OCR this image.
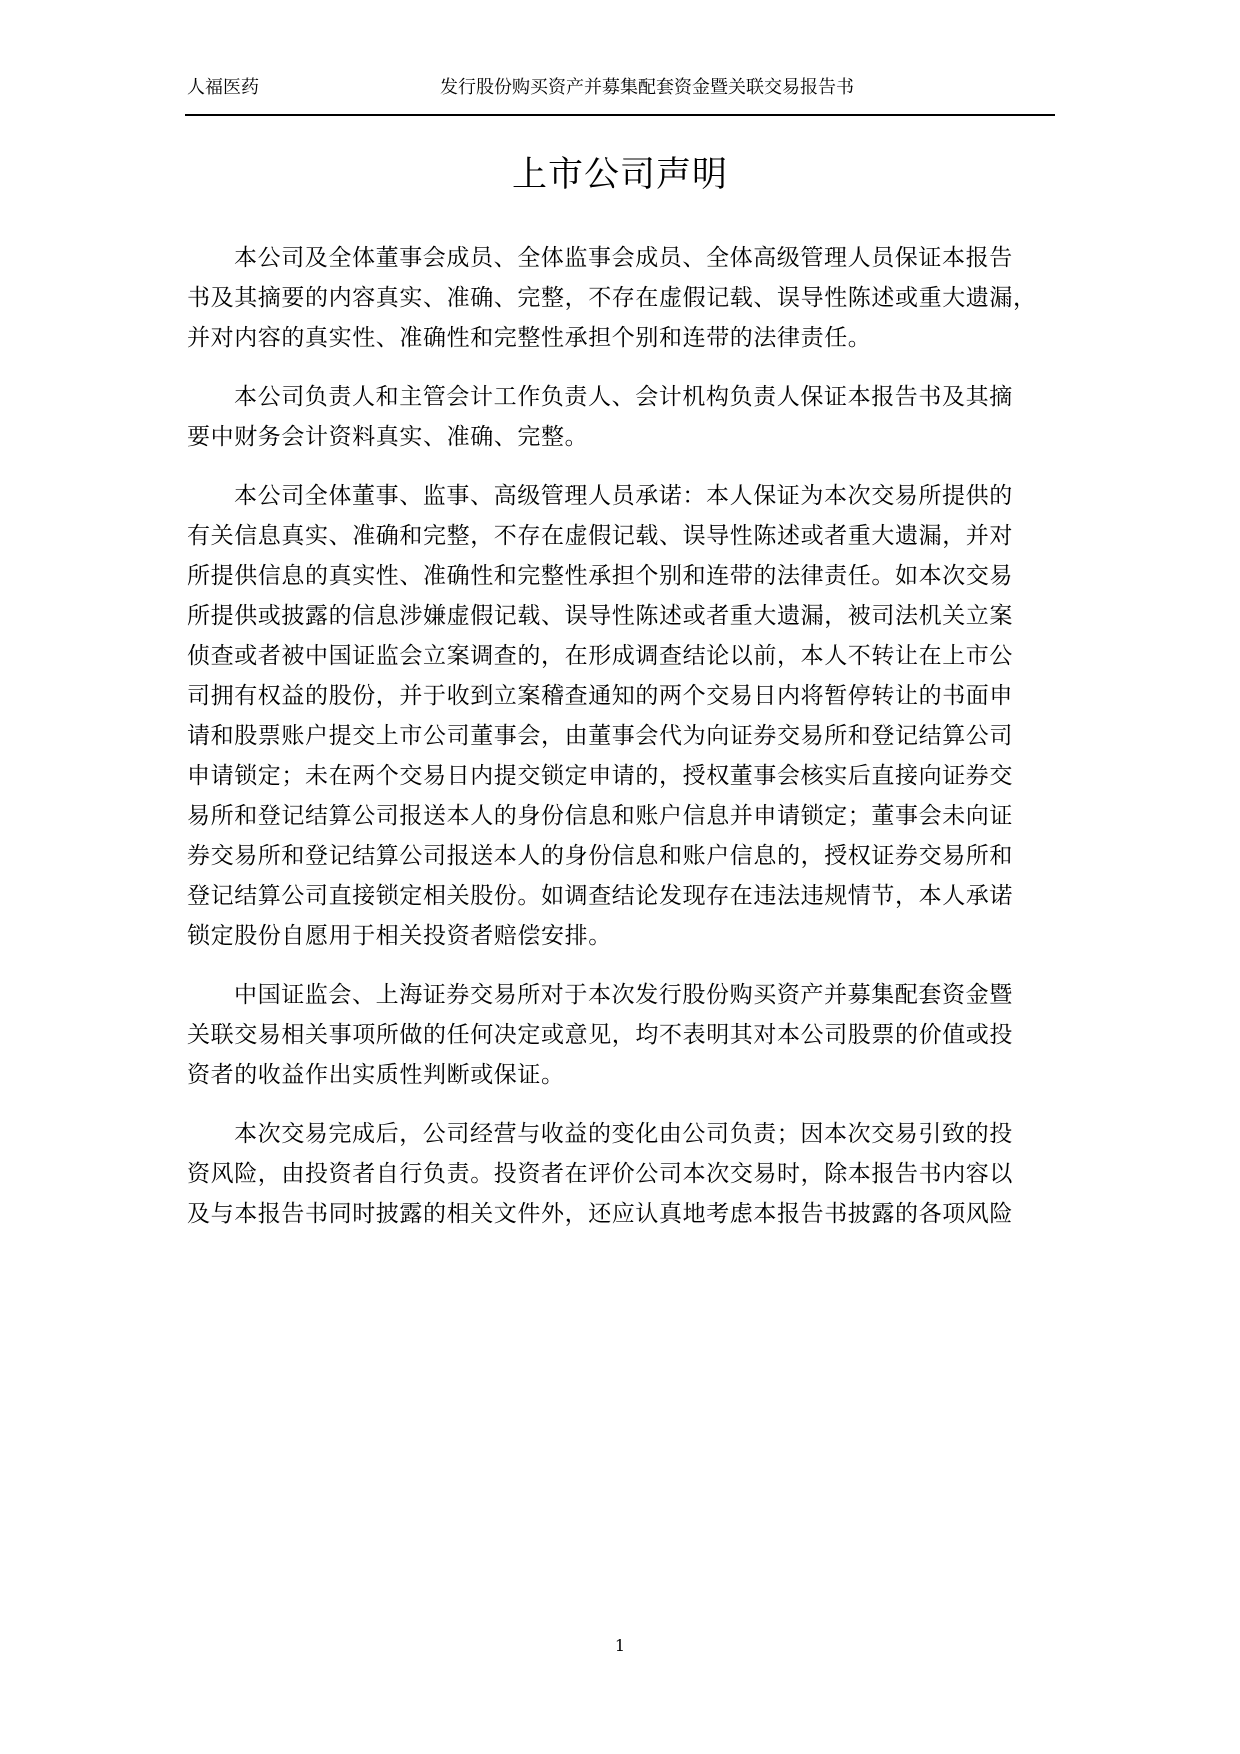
人福医药	发行股份购买资产并募集配套资金暨关联交易报告书
上市公司声明
本公司及全体董事会成员、全体监事会成员、全体高级管理人员保证本报告
书及其摘要的内容真实、准确、完整，不存在虚假记载、误导性陈述或重大遗漏，
并对内容的真实性、准确性和完整性承担个别和连带的法律责任。
本公司负责人和主管会计工作负责人、会计机构负责人保证本报告书及其摘
要中财务会计资料真实、准确、完整。
本公司全体董事、监事、高级管理人员承诺：本人保证为本次交易所提供的
有关信息真实、准确和完整，不存在虚假记载、误导性陈述或者重大遗漏，并对
所提供信息的真实性、准确性和完整性承担个别和连带的法律责任。如本次交易
所提供或披露的信息涉嫌虚假记载、误导性陈述或者重大遗漏，被司法机关立案
侦查或者被中国证监会立案调查的，在形成调查结论以前，本人不转让在上市公
司拥有权益的股份，并于收到立案稽查通知的两个交易日内将暂停转让的书面申
请和股票账户提交上市公司董事会，由董事会代为向证券交易所和登记结算公司
申请锁定；未在两个交易日内提交锁定申请的，授权董事会核实后直接向证券交
易所和登记结算公司报送本人的身份信息和账户信息并申请锁定；董事会未向证
券交易所和登记结算公司报送本人的身份信息和账户信息的，授权证券交易所和
登记结算公司直接锁定相关股份。如调查结论发现存在违法违规情节，本人承诺
锁定股份自愿用于相关投资者赔偿安排。
中国证监会、上海证券交易所对于本次发行股份购买资产并募集配套资金暨
关联交易相关事项所做的任何决定或意见，均不表明其对本公司股票的价值或投
资者的收益作出实质性判断或保证。
本次交易完成后，公司经营与收益的变化由公司负责；因本次交易引致的投
资风险，由投资者自行负责。投资者在评价公司本次交易时，除本报告书内容以
及与本报告书同时披露的相关文件外，还应认真地考虑本报告书披露的各项风险
1
